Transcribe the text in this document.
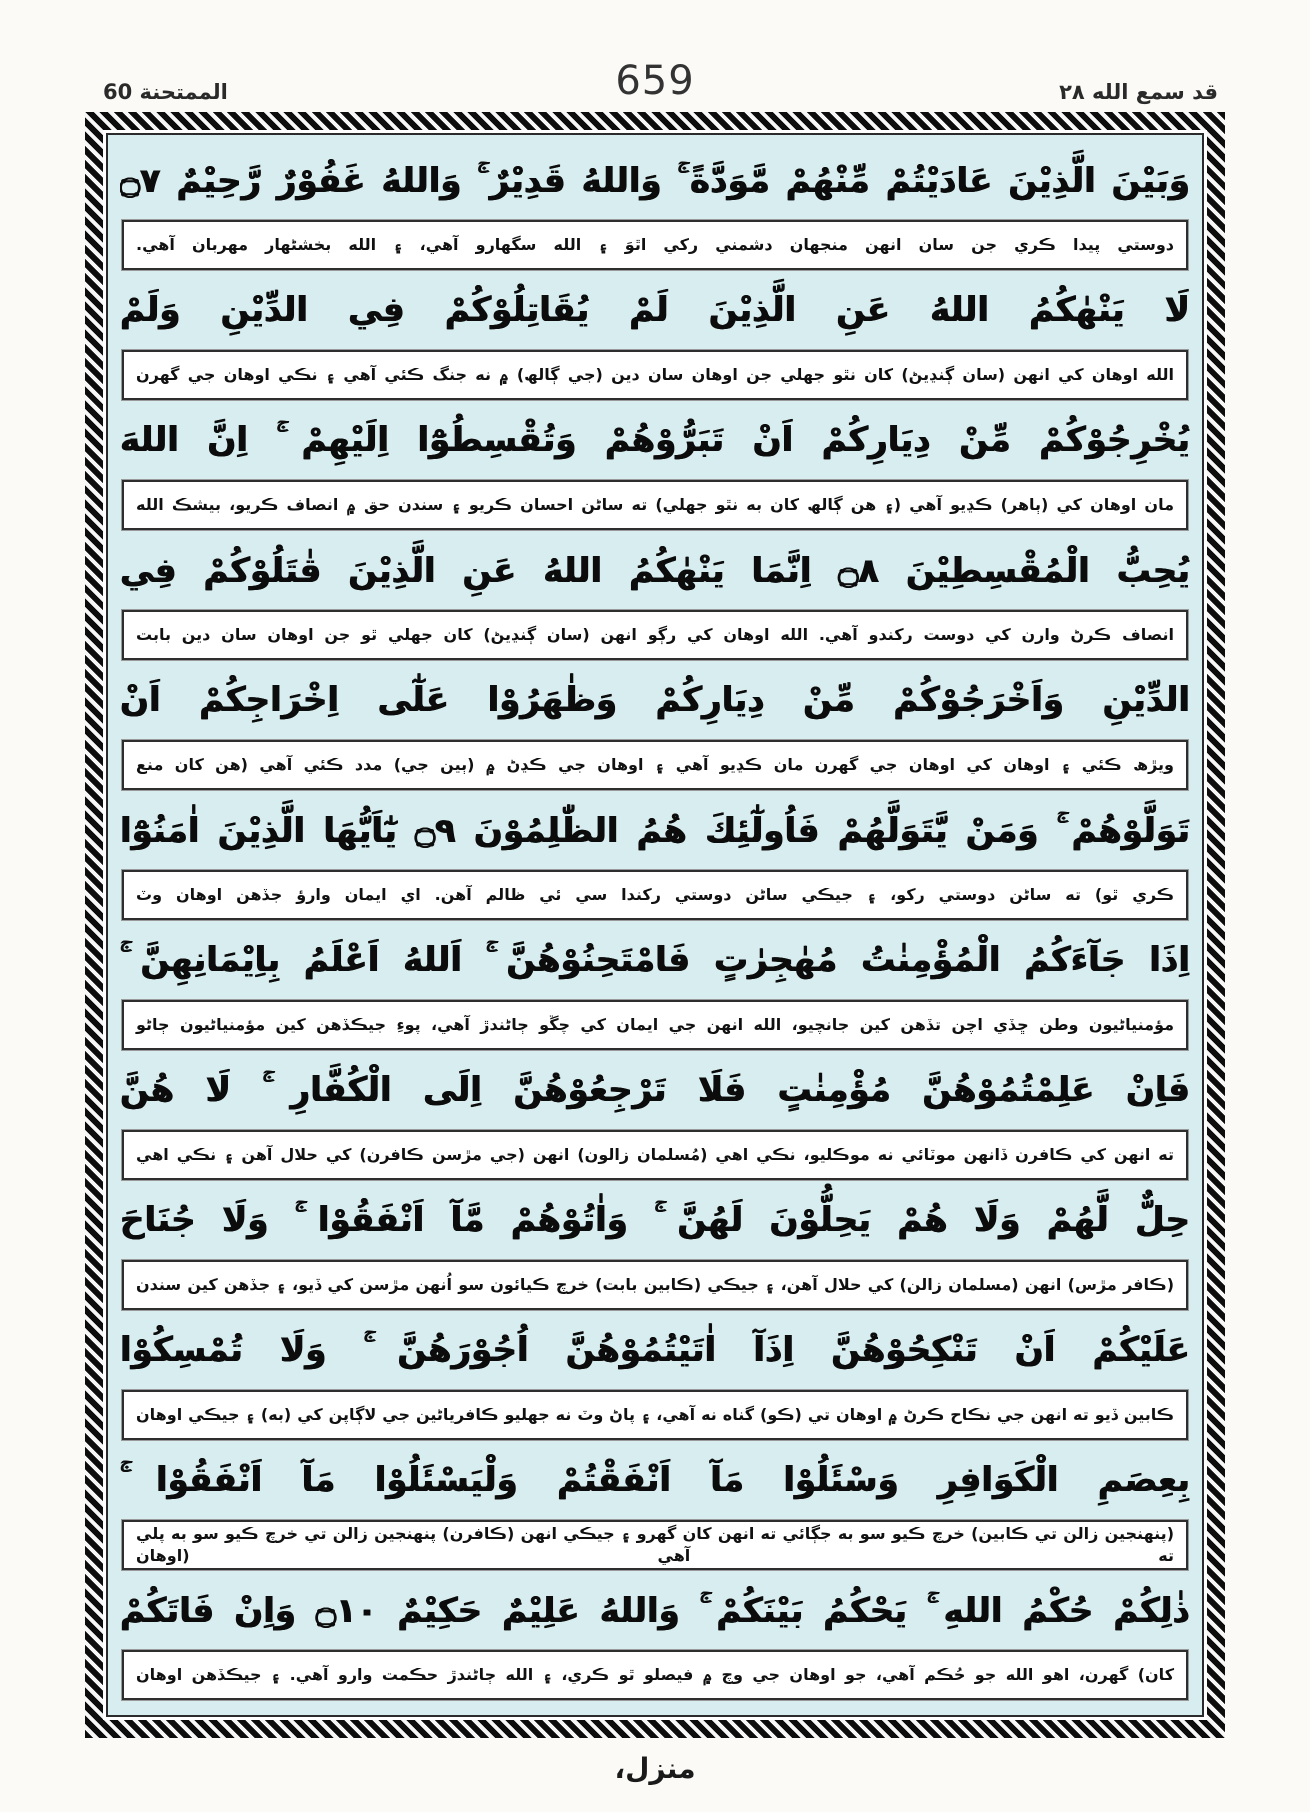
الممتحنة 60	659	قد سمع الله ٢٨
وَبَيْنَ الَّذِيْنَ عَادَيْتُمْ مِّنْهُمْ مَّوَدَّةً ۚ وَاللهُ قَدِيْرٌ ۚ وَاللهُ غَفُوْرٌ رَّحِيْمٌ ۝٧
دوستي پيدا ڪري جن سان انهن منجهان دشمني رکي اٿوَ ۽ الله سگهارو آهي، ۽ الله بخشڻهار مهربان آهي.
لَا يَنْهٰكُمُ اللهُ عَنِ الَّذِيْنَ لَمْ يُقَاتِلُوْكُمْ فِي الدِّيْنِ وَلَمْ
الله اوهان کي انهن (سان ڳنڍيڻ) کان نٿو جهلي جن اوهان سان دين (جي ڳالھ) ۾ نه جنگ ڪئي آهي ۽ نڪي اوهان جي گهرن
يُخْرِجُوْكُمْ مِّنْ دِيَارِكُمْ اَنْ تَبَرُّوْهُمْ وَتُقْسِطُوْٓا اِلَيْهِمْ ۚ اِنَّ اللهَ
مان اوهان کي (ٻاهر) ڪڍيو آهي (۽ هن ڳالھ کان به نٿو جهلي) ته ساڻن احسان ڪريو ۽ سندن حق ۾ انصاف ڪريو، بيشڪ الله
يُحِبُّ الْمُقْسِطِيْنَ ۝٨ اِنَّمَا يَنْهٰكُمُ اللهُ عَنِ الَّذِيْنَ قٰتَلُوْكُمْ فِي
انصاف ڪرڻ وارن کي دوست رکندو آهي. الله اوهان کي رڳو انهن (سان ڳنڍيڻ) کان جهلي ٿو جن اوهان سان دين بابت
الدِّيْنِ وَاَخْرَجُوْكُمْ مِّنْ دِيَارِكُمْ وَظٰهَرُوْا عَلٰٓى اِخْرَاجِكُمْ اَنْ
ويڙھ ڪئي ۽ اوهان کي اوهان جي گهرن مان ڪڍيو آهي ۽ اوهان جي ڪڍڻ ۾ (ٻين جي) مدد ڪئي آهي (هن کان منع
تَوَلَّوْهُمْ ۚ وَمَنْ يَّتَوَلَّهُمْ فَاُولٰٓئِكَ هُمُ الظّٰلِمُوْنَ ۝٩ يٰٓاَيُّهَا الَّذِيْنَ اٰمَنُوْٓا
ڪري ٿو) ته ساڻن دوستي رکو، ۽ جيڪي ساڻن دوستي رکندا سي ئي ظالم آهن. اي ايمان وارؤ جڏهن اوهان وٽ
اِذَا جَآءَكُمُ الْمُؤْمِنٰتُ مُهٰجِرٰتٍ فَامْتَحِنُوْهُنَّ ۚ اَللهُ اَعْلَمُ بِاِيْمَانِهِنَّ ۚ
مؤمنياڻيون وطن ڇڏي اچن تڏهن کين جانچيو، الله انهن جي ايمان کي چڱو ڄاڻندڙ آهي، پوءِ جيڪڏهن کين مؤمنياڻيون ڄاڻو
فَاِنْ عَلِمْتُمُوْهُنَّ مُؤْمِنٰتٍ فَلَا تَرْجِعُوْهُنَّ اِلَى الْكُفَّارِ ۚ لَا هُنَّ
ته انهن کي ڪافرن ڏانهن موٽائي نه موڪليو، نڪي اهي (مُسلمان زالون) انهن (جي مڙسن ڪافرن) کي حلال آهن ۽ نڪي اهي
حِلٌّ لَّهُمْ وَلَا هُمْ يَحِلُّوْنَ لَهُنَّ ۚ وَاٰتُوْهُمْ مَّآ اَنْفَقُوْا ۚ وَلَا جُنَاحَ
(ڪافر مڙس) انهن (مسلمان زالن) کي حلال آهن، ۽ جيڪي (ڪابين بابت) خرچ ڪيائون سو اُنهن مڙسن کي ڏيو، ۽ جڏهن کين سندن
عَلَيْكُمْ اَنْ تَنْكِحُوْهُنَّ اِذَآ اٰتَيْتُمُوْهُنَّ اُجُوْرَهُنَّ ۚ وَلَا تُمْسِكُوْا
ڪابين ڏيو ته انهن جي نڪاح ڪرڻ ۾ اوهان تي (ڪو) گناه نه آهي، ۽ پاڻ وٽ نه جهليو ڪافرياڻين جي لاڳاپن کي (به) ۽ جيڪي اوهان
بِعِصَمِ الْكَوَافِرِ وَسْئَلُوْا مَآ اَنْفَقْتُمْ وَلْيَسْئَلُوْا مَآ اَنْفَقُوْا ۚ
(پنهنجين زالن تي ڪابين) خرچ ڪيو سو به جڳائي ته انهن کان گهرو ۽ جيڪي انهن (ڪافرن) پنهنجين زالن تي خرچ ڪيو سو به پلي ته آهي (اوهان
ذٰلِكُمْ حُكْمُ اللهِ ۚ يَحْكُمُ بَيْنَكُمْ ۚ وَاللهُ عَلِيْمٌ حَكِيْمٌ ۝١٠ وَاِنْ فَاتَكُمْ
کان) گهرن، اهو الله جو حُڪم آهي، جو اوهان جي وچ ۾ فيصلو ٿو ڪري، ۽ الله ڄاڻندڙ حڪمت وارو آهي. ۽ جيڪڏهن اوهان
منزل،
